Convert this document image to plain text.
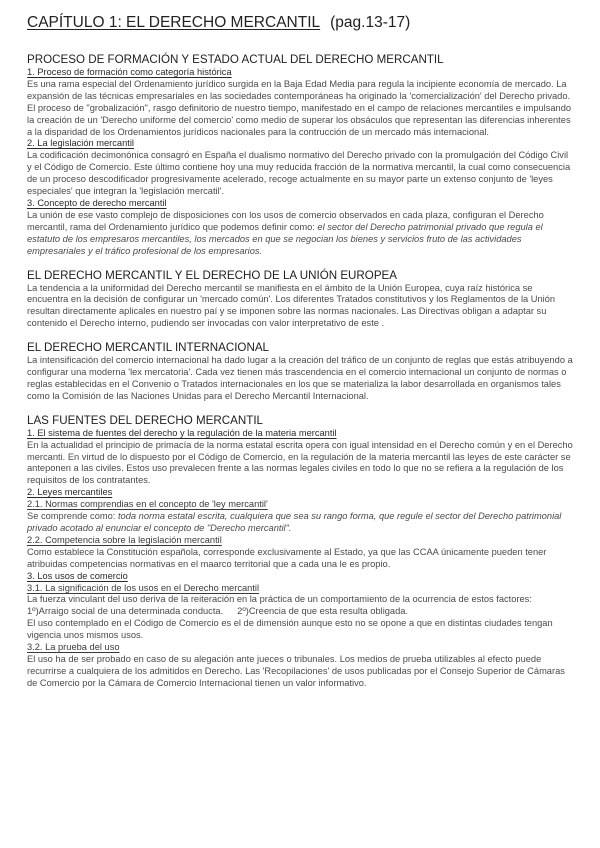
CAPÍTULO 1: EL DERECHO MERCANTIL (pag.13-17)
PROCESO DE FORMACIÓN Y ESTADO ACTUAL DEL DERECHO MERCANTIL
1. Proceso de formación como categoría histórica

Es una rama especial del Ordenamiento jurídico surgida en la Baja Edad Media para regula la incipiente economía de mercado. La expansión de las técnicas empresariales en las sociedades contemporáneas ha originado la 'comercialización' del Derecho privado. El proceso de "grobalización", rasgo definitorio de nuestro tiempo, manifestado en el campo de relaciones mercantiles e impulsando la creación de un 'Derecho uniforme del comercio' como medio de superar los obsáculos que representan las diferencias inherentes a la disparidad de los Ordenamientos jurídicos nacionales para la contrucción de un mercado más internacional.

2. La legislación mercantil

La codificación decimonónica consagró en España el dualismo normativo del Derecho privado con la promulgación del Código Civil y el Código de Comercio. Este último contiene hoy una muy reducida fracción de la normativa mercantil, la cual como consecuencia de un proceso descodificador progresivamente acelerado, recoge actualmente en su mayor parte un extenso conjunto de 'leyes especiales' que integran la 'legislación mercatil'.

3. Concepto de derecho mercantil

La unión de ese vasto complejo de disposiciones con los usos de comercio observados en cada plaza, configuran el Derecho mercantil, rama del Ordenamiento jurídico que podemos definir como: el sector del Derecho patrimonial privado que regula el estatuto de los empresaros mercantiles, los mercados en que se negocian los bienes y servicios fruto de las actividades empresariales y el tráfico profesional de los empresarios.

EL DERECHO MERCANTIL Y EL DERECHO DE LA UNIÓN EUROPEA

La tendencia a la uniformidad del Derecho mercantil se manifiesta en el ámbito de la Unión Europea, cuya raíz histórica se encuentra en la decisión de configurar un 'mercado común'. Los diferentes Tratados constitutivos y los Reglamentos de la Unión resultan directamente aplicales en nuestro paí y se imponen sobre las normas nacionales. Las Directivas obligan a adaptar su contenido el Derecho interno, pudiendo ser invocadas con valor interpretativo de este .

EL DERECHO MERCANTIL INTERNACIONAL

La intensificación del comercio internacional ha dado lugar a la creación del tráfico de un conjunto de reglas que estás atribuyendo a configurar una moderna 'lex mercatoria'. Cada vez tienen más trascendencia en el comercio internacional un conjunto de normas o reglas establecidas en el Convenio o Tratados internacionales en los que se materializa la labor desarrollada en organismos tales como la Comisión de las Naciones Unidas para el Derecho Mercantil Internacional.

LAS FUENTES DEL DERECHO MERCANTIL
1. El sistema de fuentes del derecho y la regulación de la materia mercantil

En la actualidad el principio de primacía de la norma estatal escrita opera con igual intensidad en el Derecho común y en el Derecho mercanti. En virtud de lo dispuesto por el Código de Comercio, en la regulación de la materia mercantil las leyes de este carácter se anteponen a las civiles. Estos uso prevalecen frente a las normas legales civiles en todo lo que no se refiera a la regulación de los requisitos de los contratantes.

2. Leyes mercantiles
2.1. Normas comprendias en el concepto de 'ley mercantil'

Se comprende como: toda norma estatal escrita, cualquiera que sea su rango forma, que regule el sector del Derecho patrimonial privado acotado al enunciar el concepto de "Derecho mercantil".

2.2. Competencia sobre la legislación mercantil

Como establece la Constitución española, corresponde exclusivamente al Estado, ya que las CCAA únicamente pueden tener atribuidas competencias normativas en el maarco territorial que a cada una le es propio.

3. Los usos de comercio
3.1. La significación de los usos en el Derecho mercantil

La fuerza vinculant del uso deriva de la reiteración en la práctica de un comportamiento de la ocurrencia de estos factores:

1º)Arraigo social de una determinada conducta. 2º)Creencia de que esta resulta obligada.

El uso contemplado en el Código de Comercio es el de dimensión aunque esto no se opone a que en distintas ciudades tengan vigencia unos mismos usos.

3.2. La prueba del uso

El uso ha de ser probado en caso de su alegación ante jueces o tribunales. Los medios de prueba utilizables al efecto puede recurrirse a cualquiera de los admitidos en Derecho. Las 'Recopilaciones' de usos publicadas por el Consejo Superior de Cámaras de Comercio por la Cámara de Comercio Internacional tienen un valor informativo.
